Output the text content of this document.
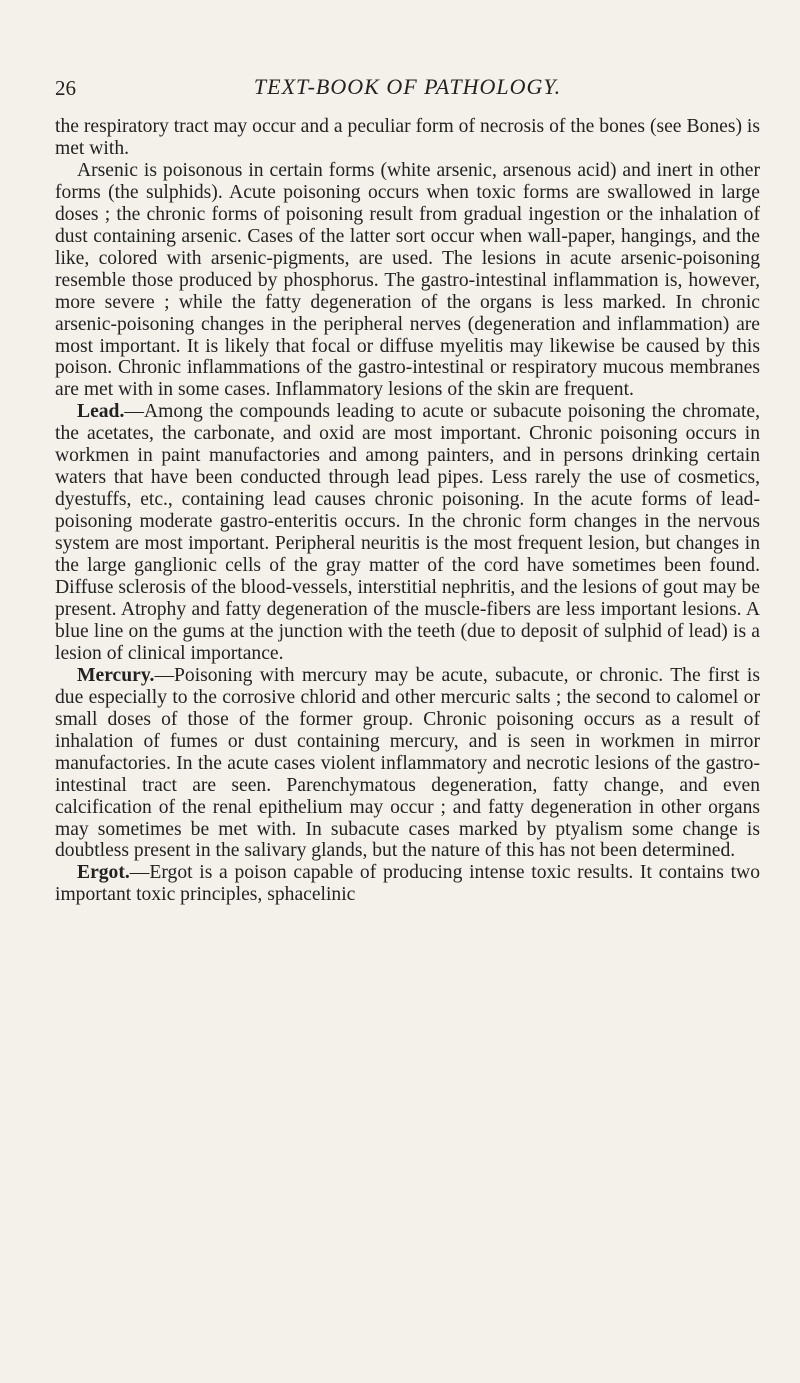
26	TEXT-BOOK OF PATHOLOGY.

the respiratory tract may occur and a peculiar form of necrosis of the bones (see Bones) is met with.

Arsenic is poisonous in certain forms (white arsenic, arsenous acid) and inert in other forms (the sulphids). Acute poisoning occurs when toxic forms are swallowed in large doses ; the chronic forms of poisoning result from gradual ingestion or the inhalation of dust containing arsenic. Cases of the latter sort occur when wall-paper, hangings, and the like, colored with arsenic-pigments, are used. The lesions in acute arsenic-poisoning resemble those produced by phosphorus. The gastro-intestinal inflammation is, however, more severe ; while the fatty degeneration of the organs is less marked. In chronic arsenic-poisoning changes in the peripheral nerves (degeneration and inflammation) are most important. It is likely that focal or diffuse myelitis may likewise be caused by this poison. Chronic inflammations of the gastro-intestinal or respiratory mucous membranes are met with in some cases. Inflammatory lesions of the skin are frequent.

Lead.—Among the compounds leading to acute or subacute poisoning the chromate, the acetates, the carbonate, and oxid are most important. Chronic poisoning occurs in workmen in paint manufactories and among painters, and in persons drinking certain waters that have been conducted through lead pipes. Less rarely the use of cosmetics, dyestuffs, etc., containing lead causes chronic poisoning. In the acute forms of lead-poisoning moderate gastro-enteritis occurs. In the chronic form changes in the nervous system are most important. Peripheral neuritis is the most frequent lesion, but changes in the large ganglionic cells of the gray matter of the cord have sometimes been found. Diffuse sclerosis of the blood-vessels, interstitial nephritis, and the lesions of gout may be present. Atrophy and fatty degeneration of the muscle-fibers are less important lesions. A blue line on the gums at the junction with the teeth (due to deposit of sulphid of lead) is a lesion of clinical importance.

Mercury.—Poisoning with mercury may be acute, subacute, or chronic. The first is due especially to the corrosive chlorid and other mercuric salts ; the second to calomel or small doses of those of the former group. Chronic poisoning occurs as a result of inhalation of fumes or dust containing mercury, and is seen in workmen in mirror manufactories. In the acute cases violent inflammatory and necrotic lesions of the gastro-intestinal tract are seen. Parenchymatous degeneration, fatty change, and even calcification of the renal epithelium may occur ; and fatty degeneration in other organs may sometimes be met with. In subacute cases marked by ptyalism some change is doubtless present in the salivary glands, but the nature of this has not been determined.

Ergot.—Ergot is a poison capable of producing intense toxic results. It contains two important toxic principles, sphacelinic
